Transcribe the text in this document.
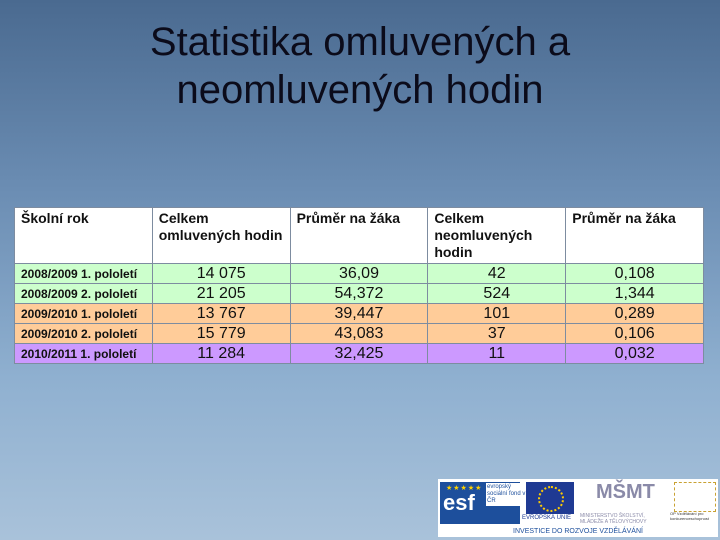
Statistika omluvených a
neomluvených hodin
Školní rok	Celkem omluvených hodin	Průměr na žáka	Celkem neomluvených hodin	Průměr na žáka
2008/2009 1. pololetí	14 075	36,09	42	0,108
2008/2009 2. pololetí	21 205	54,372	524	1,344
2009/2010 1. pololetí	13 767	39,447	101	0,289
2009/2010 2. pololetí	15 779	43,083	37	0,106
2010/2011 1. pololetí	11 284	32,425	11	0,032
★★★★★
esf
evropský sociální fond v ČR
EVROPSKÁ UNIE
MŠMT
MINISTERSTVO ŠKOLSTVÍ, MLÁDEŽE A TĚLOVÝCHOVY
OP Vzdělávání pro konkurenceschopnost
INVESTICE DO ROZVOJE VZDĚLÁVÁNÍ
